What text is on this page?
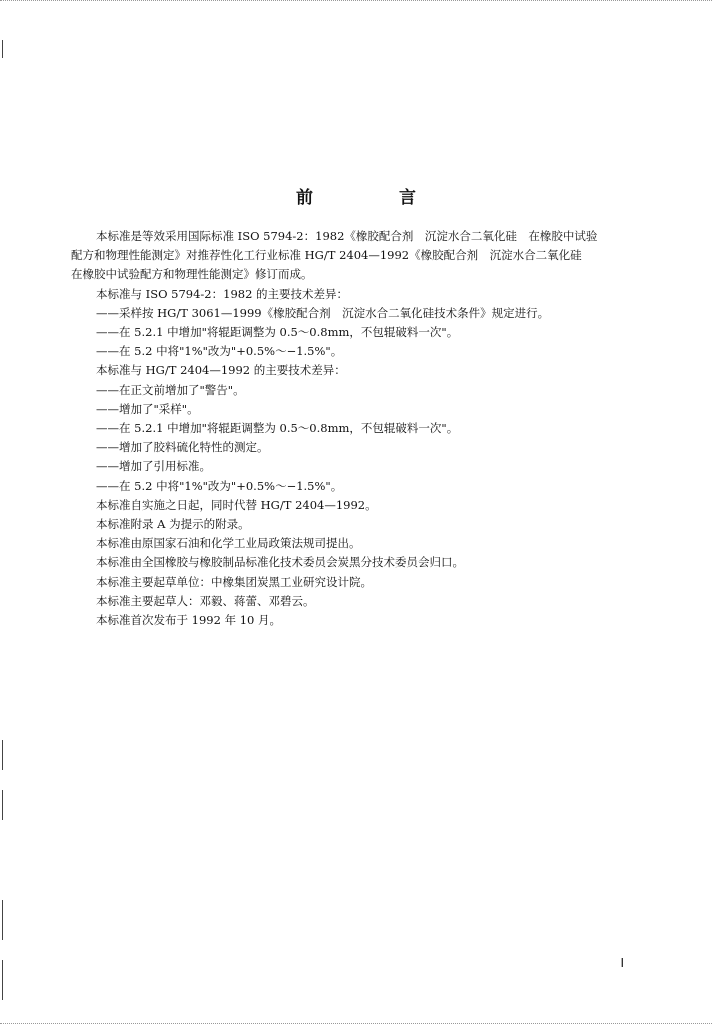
前 言
本标准是等效采用国际标准 ISO 5794-2：1982《橡胶配合剂　沉淀水合二氧化硅　在橡胶中试验
配方和物理性能测定》对推荐性化工行业标准 HG/T 2404—1992《橡胶配合剂　沉淀水合二氧化硅
在橡胶中试验配方和物理性能测定》修订而成。
本标准与 ISO 5794-2：1982 的主要技术差异：
——采样按 HG/T 3061—1999《橡胶配合剂　沉淀水合二氧化硅技术条件》规定进行。
——在 5.2.1 中增加"将辊距调整为 0.5～0.8mm，不包辊破料一次"。
——在 5.2 中将"1%"改为"+0.5%～−1.5%"。
本标准与 HG/T 2404—1992 的主要技术差异：
——在正文前增加了"警告"。
——增加了"采样"。
——在 5.2.1 中增加"将辊距调整为 0.5～0.8mm，不包辊破料一次"。
——增加了胶料硫化特性的测定。
——增加了引用标准。
——在 5.2 中将"1%"改为"+0.5%～−1.5%"。
本标准自实施之日起，同时代替 HG/T 2404—1992。
本标准附录 A 为提示的附录。
本标准由原国家石油和化学工业局政策法规司提出。
本标准由全国橡胶与橡胶制品标准化技术委员会炭黑分技术委员会归口。
本标准主要起草单位：中橡集团炭黑工业研究设计院。
本标准主要起草人：邓毅、蒋蕾、邓碧云。
本标准首次发布于 1992 年 10 月。
I
